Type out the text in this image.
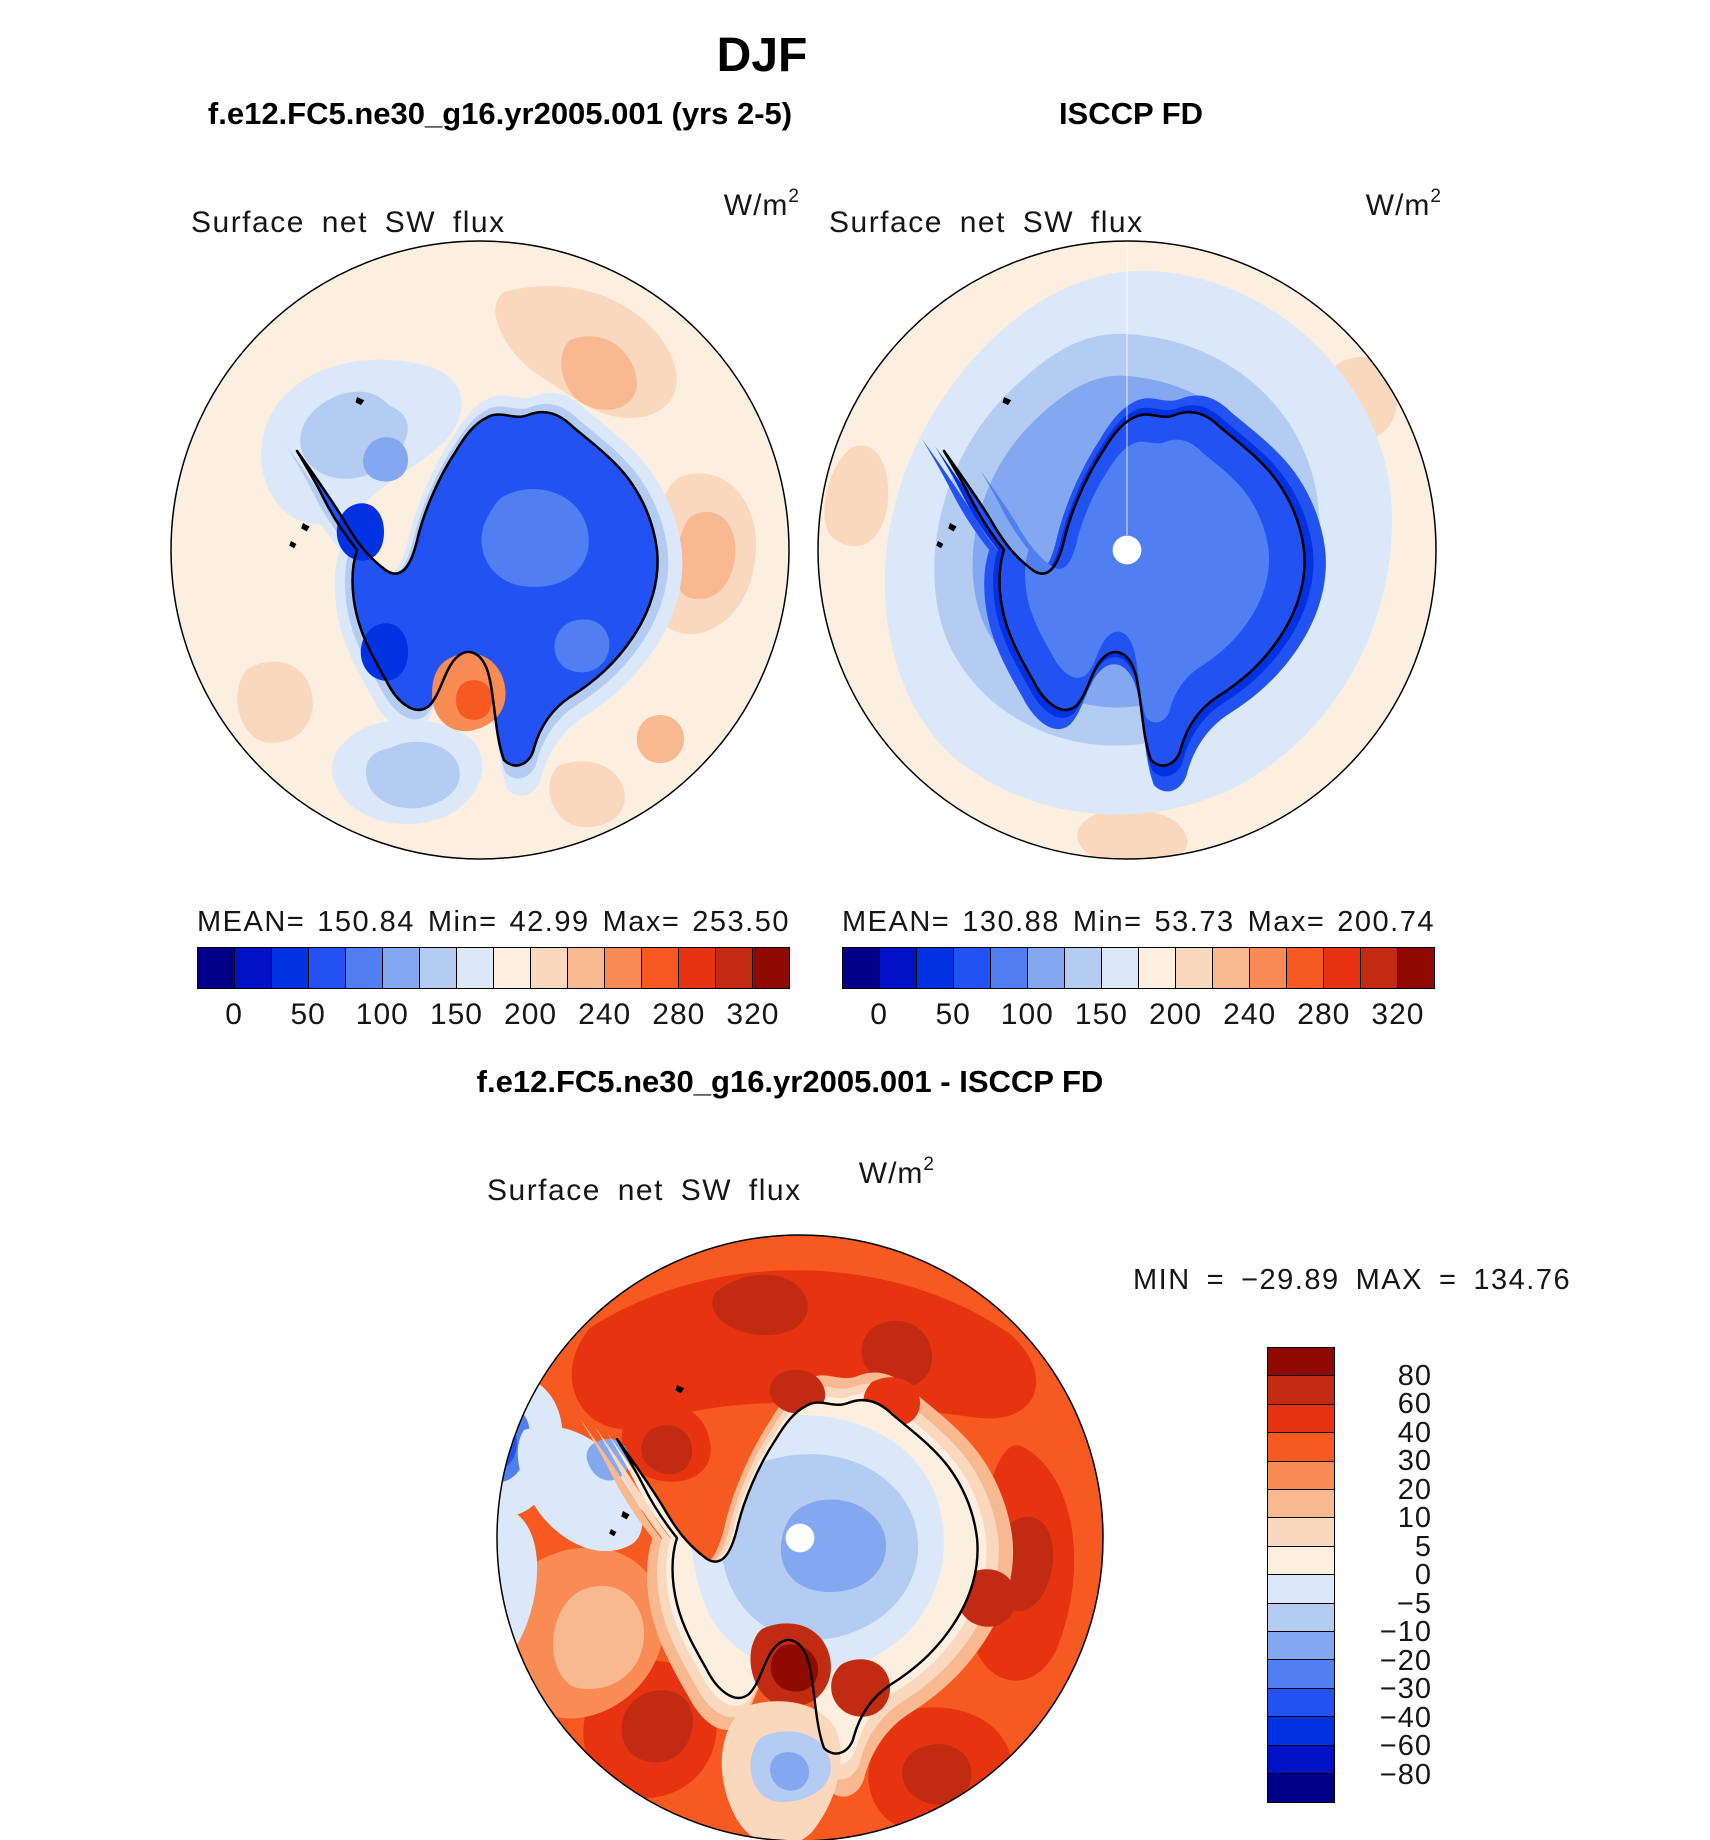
DJF
f.e12.FC5.ne30_g16.yr2005.001 (yrs 2-5)	ISCCP FD
Surface net SW flux
$W/m^2$
Surface net SW flux
$W/m^2$
MEAN= 150.84 Min= 42.99 Max= 253.50 MEAN= 130.88 Min= 53.73 Max= 200.74
0 50 100 150 200 240 280 320	0 50 100 150 200 240 280 320
f.e12.FC5.ne30_g16.yr2005.001 - ISCCP FD
Surface net SW flux
$W/m^2$
MIN = −29.89 MAX = 134.76
80
60
40
30
20
10
5
0
−5
−10
−20
−30
−40
−60
−80
